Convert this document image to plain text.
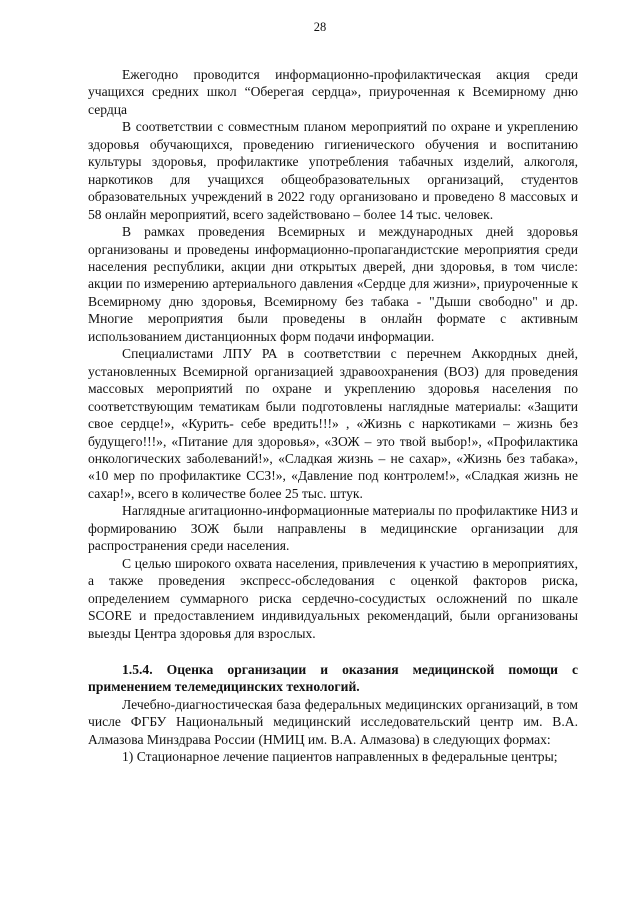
28

Ежегодно проводится информационно-профилактическая акция среди учащихся средних школ “Оберегая сердца», приуроченная к Всемирному дню сердца

В соответствии с совместным планом мероприятий по охране и укреплению здоровья обучающихся, проведению гигиенического обучения и воспитанию культуры здоровья, профилактике употребления табачных изделий, алкоголя, наркотиков для учащихся общеобразовательных организаций, студентов образовательных учреждений в 2022 году организовано и проведено 8 массовых и 58 онлайн мероприятий, всего задействовано – более 14 тыс. человек.

В рамках проведения Всемирных и международных дней здоровья организованы и проведены информационно-пропагандистские мероприятия среди населения республики, акции дни открытых дверей, дни здоровья, в том числе: акции по измерению артериального давления «Сердце для жизни», приуроченные к Всемирному дню здоровья, Всемирному без табака - "Дыши свободно" и др. Многие мероприятия были проведены в онлайн формате с активным использованием дистанционных форм подачи информации.

Специалистами ЛПУ РА в соответствии с перечнем Аккордных дней, установленных Всемирной организацией здравоохранения (ВОЗ) для проведения массовых мероприятий по охране и укреплению здоровья населения по соответствующим тематикам были подготовлены наглядные материалы: «Защити свое сердце!», «Курить- себе вредить!!!» , «Жизнь с наркотиками – жизнь без будущего!!!», «Питание для здоровья», «ЗОЖ – это твой выбор!», «Профилактика онкологических заболеваний!», «Сладкая жизнь – не сахар», «Жизнь без табака», «10 мер по профилактике ССЗ!», «Давление под контролем!», «Сладкая жизнь не сахар!», всего в количестве более 25 тыс. штук.

Наглядные агитационно-информационные материалы по профилактике НИЗ и формированию ЗОЖ были направлены в медицинские организации для распространения среди населения.

С целью широкого охвата населения, привлечения к участию в мероприятиях, а также проведения экспресс-обследования с оценкой факторов риска, определением суммарного риска сердечно-сосудистых осложнений по шкале SCORE и предоставлением индивидуальных рекомендаций, были организованы выезды Центра здоровья для взрослых.

1.5.4. Оценка организации и оказания медицинской помощи с применением телемедицинских технологий.

Лечебно-диагностическая база федеральных медицинских организаций, в том числе ФГБУ Национальный медицинский исследовательский центр им. В.А. Алмазова Минздрава России (НМИЦ им. В.А. Алмазова) в следующих формах:

1) Стационарное лечение пациентов направленных в федеральные центры;
